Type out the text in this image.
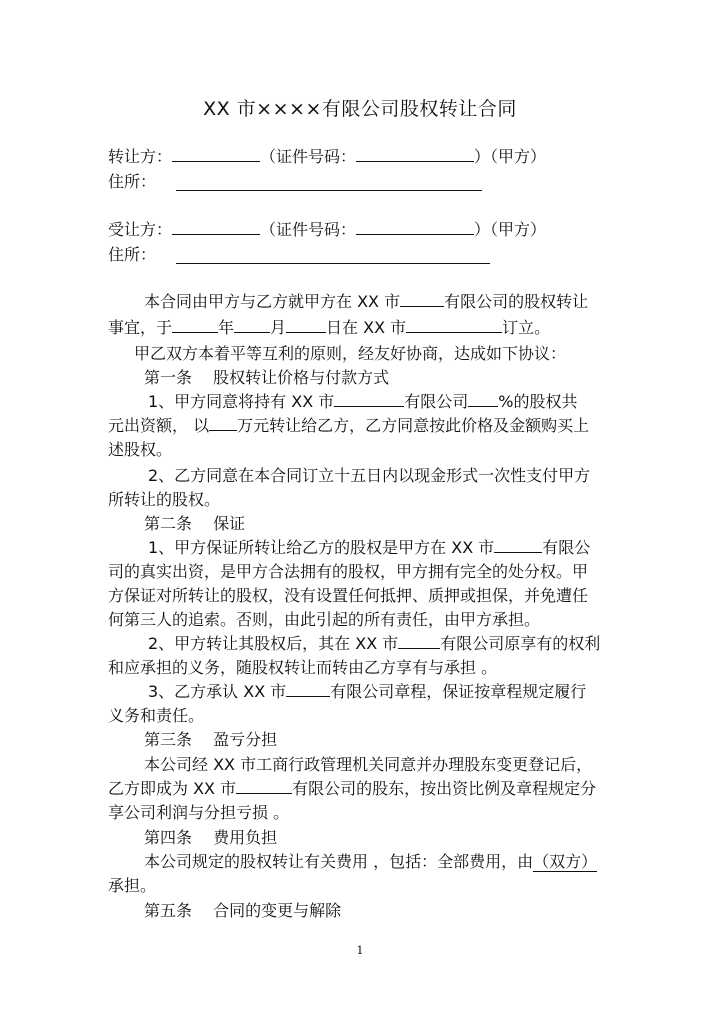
XX 市××××有限公司股权转让合同
转让方：	（证件号码：	）（甲方）
住所：
受让方：	（证件号码：	）（甲方）
住所：
本合同由甲方与乙方就甲方在 XX 市	有限公司的股权转让
事宜，于	年 月	日在 XX 市	订立。
甲乙双方本着平等互利的原则，经友好协商，达成如下协议：
第一条　 股权转让价格与付款方式
1、甲方同意将持有 XX 市	有限公司 %的股权共
元出资额， 以 万元转让给乙方，乙方同意按此价格及金额购买上
述股权。
2、乙方同意在本合同订立十五日内以现金形式一次性支付甲方
所转让的股权。
第二条　 保证
1、甲方保证所转让给乙方的股权是甲方在 XX 市	有限公
司的真实出资，是甲方合法拥有的股权，甲方拥有完全的处分权。甲
方保证对所转让的股权，没有设置任何抵押、质押或担保，并免遭任
何第三人的追索。否则，由此引起的所有责任，由甲方承担。
2、甲方转让其股权后，其在 XX 市	有限公司原享有的权利
和应承担的义务，随股权转让而转由乙方享有与承担 。
3、乙方承认 XX 市	有限公司章程，保证按章程规定履行
义务和责任。
第三条　 盈亏分担
本公司经 XX 市工商行政管理机关同意并办理股东变更登记后，
乙方即成为 XX 市	有限公司的股东，按出资比例及章程规定分
享公司利润与分担亏损 。
第四条　 费用负担
本公司规定的股权转让有关费用 ，包括：全部费用，由（双方）
承担。
第五条　 合同的变更与解除
1
